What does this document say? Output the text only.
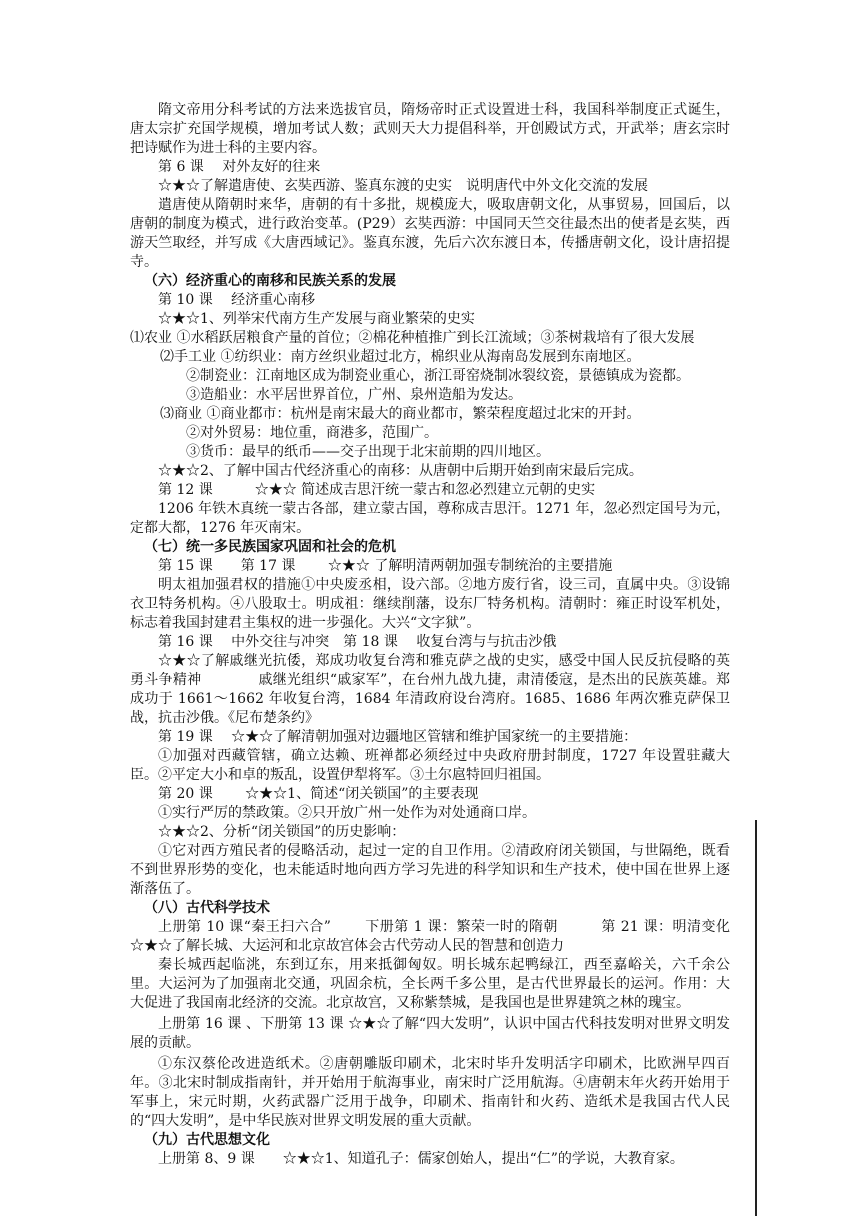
隋文帝用分科考试的方法来选拔官员，隋炀帝时正式设置进士科，我国科举制度正式诞生，唐太宗扩充国学规模，增加考试人数；武则天大力提倡科举，开创殿试方式，开武举；唐玄宗时把诗赋作为进士科的主要内容。
第 6 课　 对外友好的往来
☆★☆了解遣唐使、玄奘西游、鉴真东渡的史实　说明唐代中外文化交流的发展
遣唐使从隋朝时来华，唐朝的有十多批，规模庞大，吸取唐朝文化，从事贸易，回国后，以唐朝的制度为模式，进行政治变革。(P29）玄奘西游：中国同天竺交往最杰出的使者是玄奘，西游天竺取经，并写成《大唐西域记》。鉴真东渡，先后六次东渡日本，传播唐朝文化，设计唐招提寺。
（六）经济重心的南移和民族关系的发展
第 10 课　 经济重心南移
☆★☆1、列举宋代南方生产发展与商业繁荣的史实
⑴农业 ①水稻跃居粮食产量的首位；②棉花种植推广到长江流域；③茶树栽培有了很大发展
⑵手工业 ①纺织业：南方丝织业超过北方，棉织业从海南岛发展到东南地区。
②制瓷业：江南地区成为制瓷业重心，浙江哥窑烧制冰裂纹瓷，景德镇成为瓷都。
③造船业：水平居世界首位，广州、泉州造船为发达。
⑶商业 ①商业都市：杭州是南宋最大的商业都市，繁荣程度超过北宋的开封。
②对外贸易：地位重，商港多，范围广。
③货币：最早的纸币——交子出现于北宋前期的四川地区。
☆★☆2、了解中国古代经济重心的南移：从唐朝中后期开始到南宋最后完成。
第 12 课　　　☆★☆ 简述成吉思汗统一蒙古和忽必烈建立元朝的史实
1206 年铁木真统一蒙古各部，建立蒙古国，尊称成吉思汗。1271 年，忽必烈定国号为元，定都大都，1276 年灭南宋。
（七）统一多民族国家巩固和社会的危机
第 15 课　　第 17 课　　 ☆★☆ 了解明清两朝加强专制统治的主要措施
明太祖加强君权的措施①中央废丞相，设六部。②地方废行省，设三司，直属中央。③设锦衣卫特务机构。④八股取士。明成祖：继续削藩，设东厂特务机构。清朝时：雍正时设军机处，标志着我国封建君主集权的进一步强化。大兴“文字狱”。
第 16 课　 中外交往与冲突　第 18 课　 收复台湾与与抗击沙俄
☆★☆了解戚继光抗倭，郑成功收复台湾和雅克萨之战的史实，感受中国人民反抗侵略的英勇斗争精神　　　　戚继光组织“戚家军”，在台州九战九捷，肃清倭寇，是杰出的民族英雄。郑成功于 1661～1662 年收复台湾，1684 年清政府设台湾府。1685、1686 年两次雅克萨保卫战，抗击沙俄。《尼布楚条约》
第 19 课　 ☆★☆了解清朝加强对边疆地区管辖和维护国家统一的主要措施：
①加强对西藏管辖，确立达赖、班禅都必须经过中央政府册封制度，1727 年设置驻藏大臣。②平定大小和卓的叛乱，设置伊犁将军。③土尔扈特回归祖国。
第 20 课　　 ☆★☆1、简述“闭关锁国”的主要表现
①实行严厉的禁政策。②只开放广州一处作为对处通商口岸。
☆★☆2、分析“闭关锁国”的历史影响：
①它对西方殖民者的侵略活动，起过一定的自卫作用。②清政府闭关锁国，与世隔绝，既看不到世界形势的变化，也未能适时地向西方学习先进的科学知识和生产技术，使中国在世界上逐渐落伍了。
（八）古代科学技术
上册第 10 课“秦王扫六合”　　 下册第 1 课：繁荣一时的隋朝　　　第 21 课：明清变化　☆★☆了解长城、大运河和北京故宫体会古代劳动人民的智慧和创造力
秦长城西起临洮，东到辽东，用来抵御匈奴。明长城东起鸭绿江，西至嘉峪关，六千余公里。大运河为了加强南北交通，巩固余杭，全长两千多公里，是古代世界最长的运河。作用：大大促进了我国南北经济的交流。北京故宫，又称紫禁城，是我国也是世界建筑之林的瑰宝。
上册第 16 课 、下册第 13 课 ☆★☆了解“四大发明”，认识中国古代科技发明对世界文明发展的贡献。
①东汉蔡伦改进造纸术。②唐朝雕版印刷术，北宋时毕升发明活字印刷术，比欧洲早四百年。③北宋时制成指南针，并开始用于航海事业，南宋时广泛用航海。④唐朝末年火药开始用于军事上，宋元时期，火药武器广泛用于战争，印刷术、指南针和火药、造纸术是我国古代人民的“四大发明”，是中华民族对世界文明发展的重大贡献。
（九）古代思想文化
上册第 8、9 课　　☆★☆1、知道孔子：儒家创始人，提出“仁”的学说，大教育家。
